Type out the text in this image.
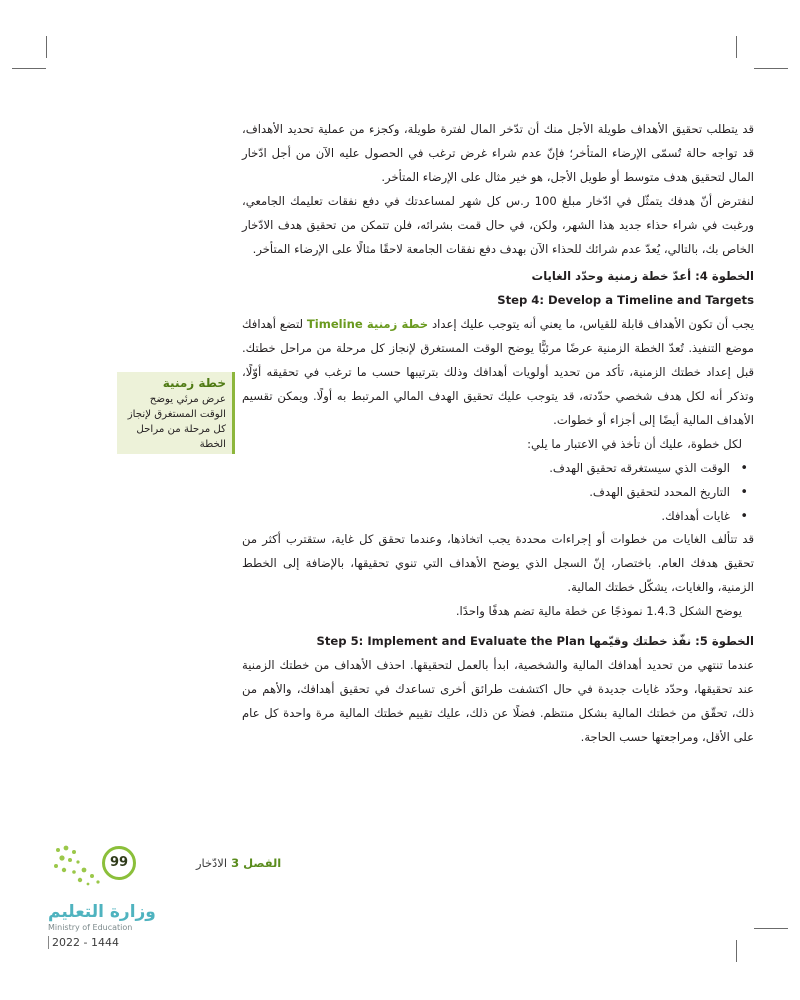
قد يتطلب تحقيق الأهداف طويلة الأجل منك أن تدّخر المال لفترة طويلة، وكجزء من عملية تحديد الأهداف، قد تواجه حالة تُسمّى الإرضاء المتأخر؛ فإنّ عدم شراء غرض ترغب في الحصول عليه الآن من أجل ادّخار المال لتحقيق هدف متوسط أو طويل الأجل، هو خير مثال على الإرضاء المتأخر.

لنفترض أنّ هدفك يتمثّل في ادّخار مبلغ 100 ر.س كل شهر لمساعدتك في دفع نفقات تعليمك الجامعي، ورغبت في شراء حذاء جديد هذا الشهر، ولكن، في حال قمت بشرائه، فلن تتمكن من تحقيق هدف الادّخار الخاص بك، بالتالي، يُعدّ عدم شرائك للحذاء الآن بهدف دفع نفقات الجامعة لاحقًا مثالًا على الإرضاء المتأخر.

الخطوة 4: أعدّ خطة زمنية وحدّد الغايات

Step 4: Develop a Timeline and Targets

يجب أن تكون الأهداف قابلة للقياس، ما يعني أنه يتوجب عليك إعداد خطة زمنية Timeline لتضع أهدافك موضع التنفيذ. تُعدّ الخطة الزمنية عرضًا مرئيًّا يوضح الوقت المستغرق لإنجاز كل مرحلة من مراحل خطتك. قبل إعداد خطتك الزمنية، تأكد من تحديد أولويات أهدافك وذلك بترتيبها حسب ما ترغب في تحقيقه أوّلًا، وتذكر أنه لكل هدف شخصي حدّدته، قد يتوجب عليك تحقيق الهدف المالي المرتبط به أولًا. ويمكن تقسيم الأهداف المالية أيضًا إلى أجزاء أو خطوات.

لكل خطوة، عليك أن تأخذ في الاعتبار ما يلي:

• الوقت الذي سيستغرقه تحقيق الهدف.
• التاريخ المحدد لتحقيق الهدف.
• غايات أهدافك.

قد تتألف الغايات من خطوات أو إجراءات محددة يجب اتخاذها، وعندما تحقق كل غاية، ستقترب أكثر من تحقيق هدفك العام. باختصار، إنّ السجل الذي يوضح الأهداف التي تنوي تحقيقها، بالإضافة إلى الخطط الزمنية، والغايات، يشكّل خطتك المالية.

يوضح الشكل 1.4.3 نموذجًا عن خطة مالية تضم هدفًا واحدًا.

الخطوة 5: نفّذ خطتك وقيّمها Step 5: Implement and Evaluate the Plan

عندما تنتهي من تحديد أهدافك المالية والشخصية، ابدأ بالعمل لتحقيقها. احذف الأهداف من خطتك الزمنية عند تحقيقها، وحدّد غايات جديدة في حال اكتشفت طرائق أخرى تساعدك في تحقيق أهدافك، والأهم من ذلك، تحقّق من خطتك المالية بشكل منتظم. فضلًا عن ذلك، عليك تقييم خطتك المالية مرة واحدة كل عام على الأقل، ومراجعتها حسب الحاجة.

خطة زمنية
عرض مرئي يوضح الوقت المستغرق لإنجاز كل مرحلة من مراحل الخطة
الفصل 3 الادّخار
99
وزارة التعليم
Ministry of Education
2022 - 1444
